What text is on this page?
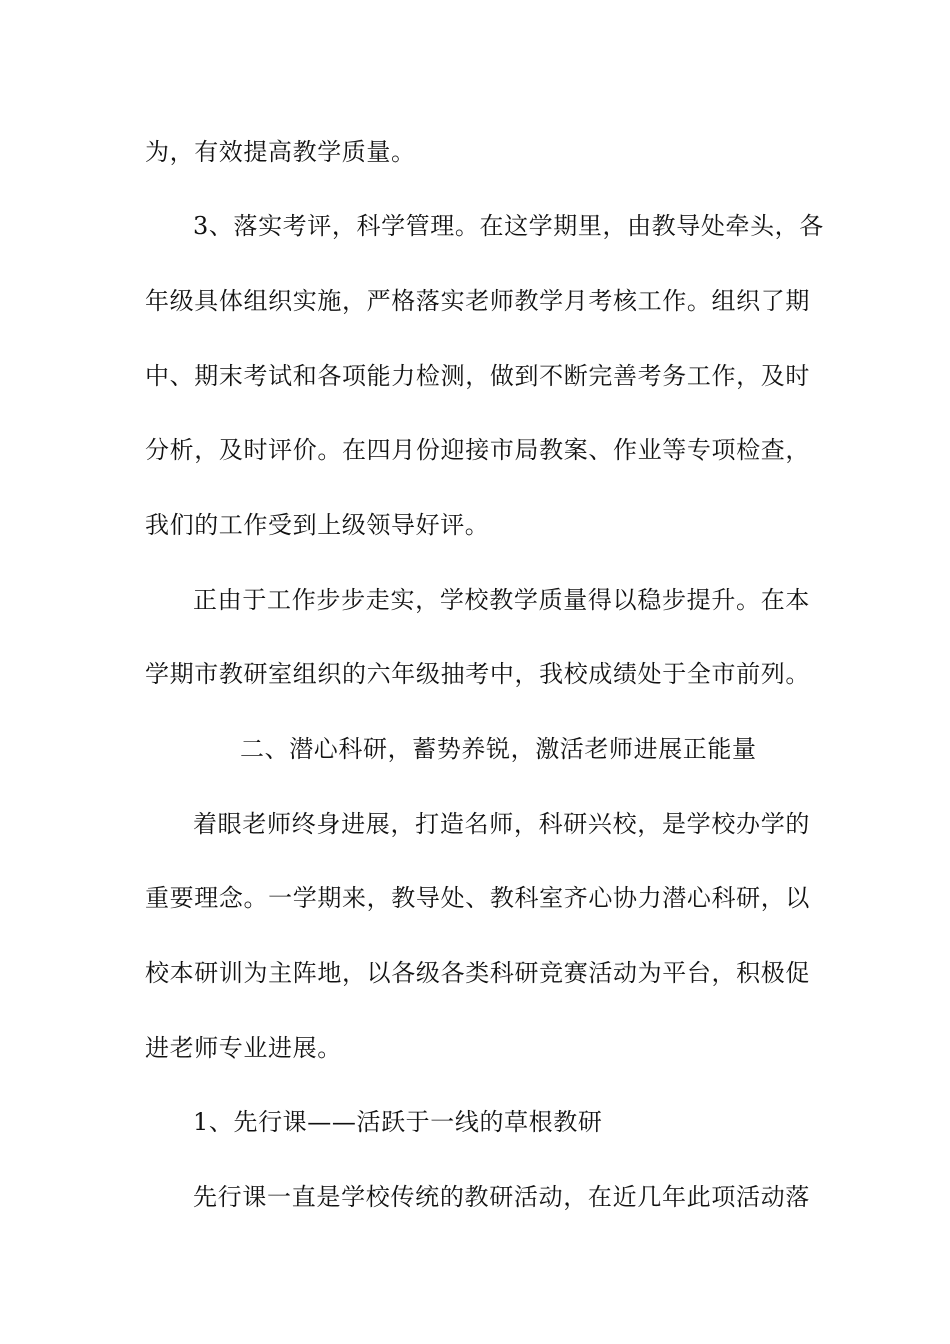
为，有效提高教学质量。
3、落实考评，科学管理。在这学期里，由教导处牵头，各
年级具体组织实施，严格落实老师教学月考核工作。组织了期
中、期末考试和各项能力检测，做到不断完善考务工作，及时
分析，及时评价。在四月份迎接市局教案、作业等专项检查，
我们的工作受到上级领导好评。
正由于工作步步走实，学校教学质量得以稳步提升。在本
学期市教研室组织的六年级抽考中，我校成绩处于全市前列。
二、潜心科研，蓄势养锐，激活老师进展正能量
着眼老师终身进展，打造名师，科研兴校，是学校办学的
重要理念。一学期来，教导处、教科室齐心协力潜心科研，以
校本研训为主阵地，以各级各类科研竞赛活动为平台，积极促
进老师专业进展。
1、先行课——活跃于一线的草根教研
先行课一直是学校传统的教研活动，在近几年此项活动落
